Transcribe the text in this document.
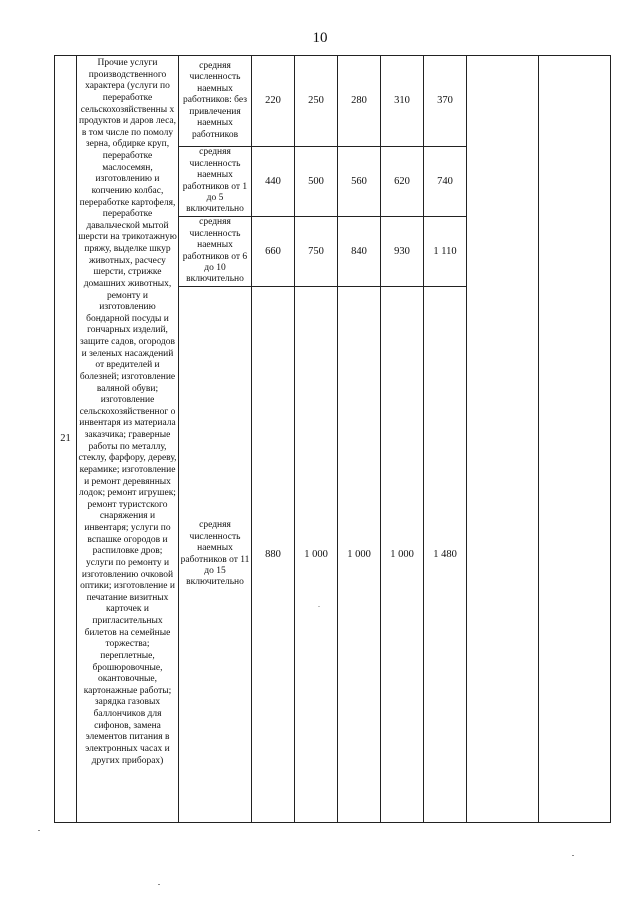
10
21	Прочие услуги производственного характера (услуги по переработке сельскохозяйственны х продуктов и даров леса, в том числе по помолу зерна, обдирке круп, переработке маслосемян, изготовлению и копчению колбас, переработке картофеля, переработке давальческой мытой шерсти на трикотажную пряжу, выделке шкур животных, расчесу шерсти, стрижке домашних животных, ремонту и изготовлению бондарной посуды и гончарных изделий, защите садов, огородов и зеленых насаждений от вредителей и болезней; изготовление валяной обуви; изготовление сельскохозяйственног о инвентаря из материала заказчика; граверные работы по металлу, стеклу, фарфору, дереву, керамике; изготовление и ремонт деревянных лодок; ремонт игрушек; ремонт туристского снаряжения и инвентаря; услуги по вспашке огородов и распиловке дров; услуги по ремонту и изготовлению очковой оптики; изготовление и печатание визитных карточек и пригласительных билетов на семейные торжества; переплетные, брошюровочные, окантовочные, картонажные работы; зарядка газовых баллончиков для сифонов, замена элементов питания в электронных часах и других приборах)	средняя численность наемных работников: без привлечения наемных работников	220	250	280	310	370		
		средняя численность наемных работников от 1 до 5 включительно	440	500	560	620	740		
		средняя численность наемных работников от 6 до 10 включительно	660	750	840	930	1 110		
		средняя численность наемных работников от 11 до 15 включительно	880	1 000	1 000	1 000	1 480		
